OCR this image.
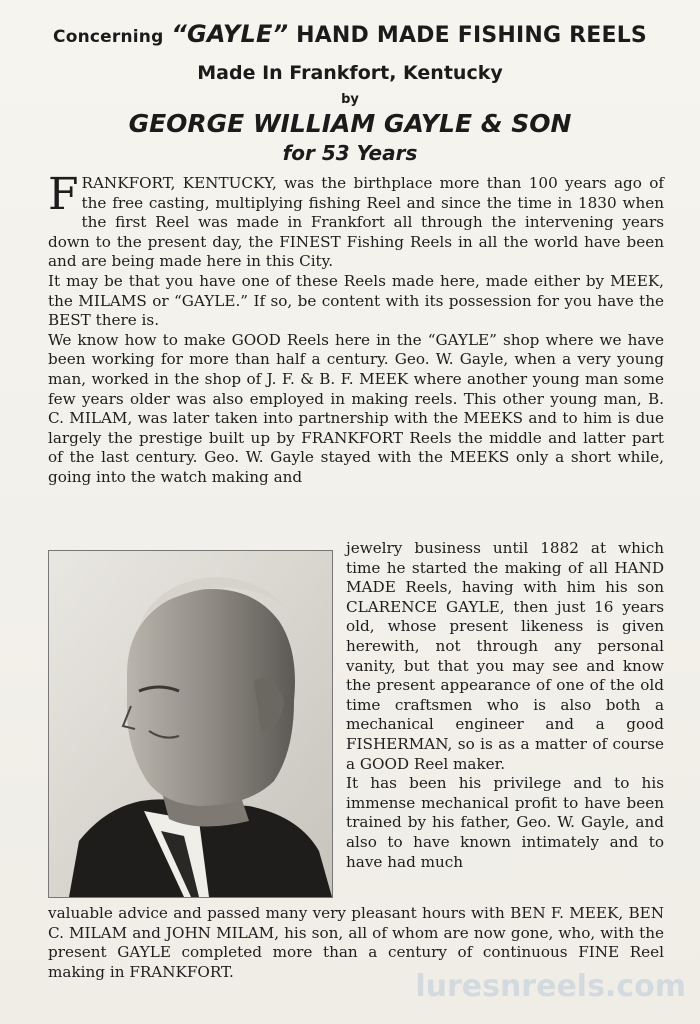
Concerning “GAYLE” HAND MADE FISHING REELS
Made In Frankfort, Kentucky
by
GEORGE WILLIAM GAYLE & SON
for 53 Years

FRANKFORT, KENTUCKY, was the birthplace more than 100 years ago of the free casting, multiplying fishing Reel and since the time in 1830 when the first Reel was made in Frankfort all through the intervening years down to the present day, the FINEST Fishing Reels in all the world have been and are being made here in this City.

It may be that you have one of these Reels made here, made either by MEEK, the MILAMS or “GAYLE.” If so, be content with its possession for you have the BEST there is.

We know how to make GOOD Reels here in the “GAYLE” shop where we have been working for more than half a century. Geo. W. Gayle, when a very young man, worked in the shop of J. F. & B. F. MEEK where another young man some few years older was also employed in making reels. This other young man, B. C. MILAM, was later taken into partnership with the MEEKS and to him is due largely the prestige built up by FRANKFORT Reels the middle and latter part of the last century. Geo. W. Gayle stayed with the MEEKS only a short while, going into the watch making and

jewelry business until 1882 at which time he started the making of all HAND MADE Reels, having with him his son CLARENCE GAYLE, then just 16 years old, whose present likeness is given herewith, not through any personal vanity, but that you may see and know the present appearance of one of the old time craftsmen who is also both a mechanical engineer and a good FISHERMAN, so is as a matter of course a GOOD Reel maker.

It has been his privilege and to his immense mechanical profit to have been trained by his father, Geo. W. Gayle, and also to have known intimately and to have had much

valuable advice and passed many very pleasant hours with BEN F. MEEK, BEN C. MILAM and JOHN MILAM, his son, all of whom are now gone, who, with the present GAYLE completed more than a century of continuous FINE Reel making in FRANKFORT.	luresnreels.com
